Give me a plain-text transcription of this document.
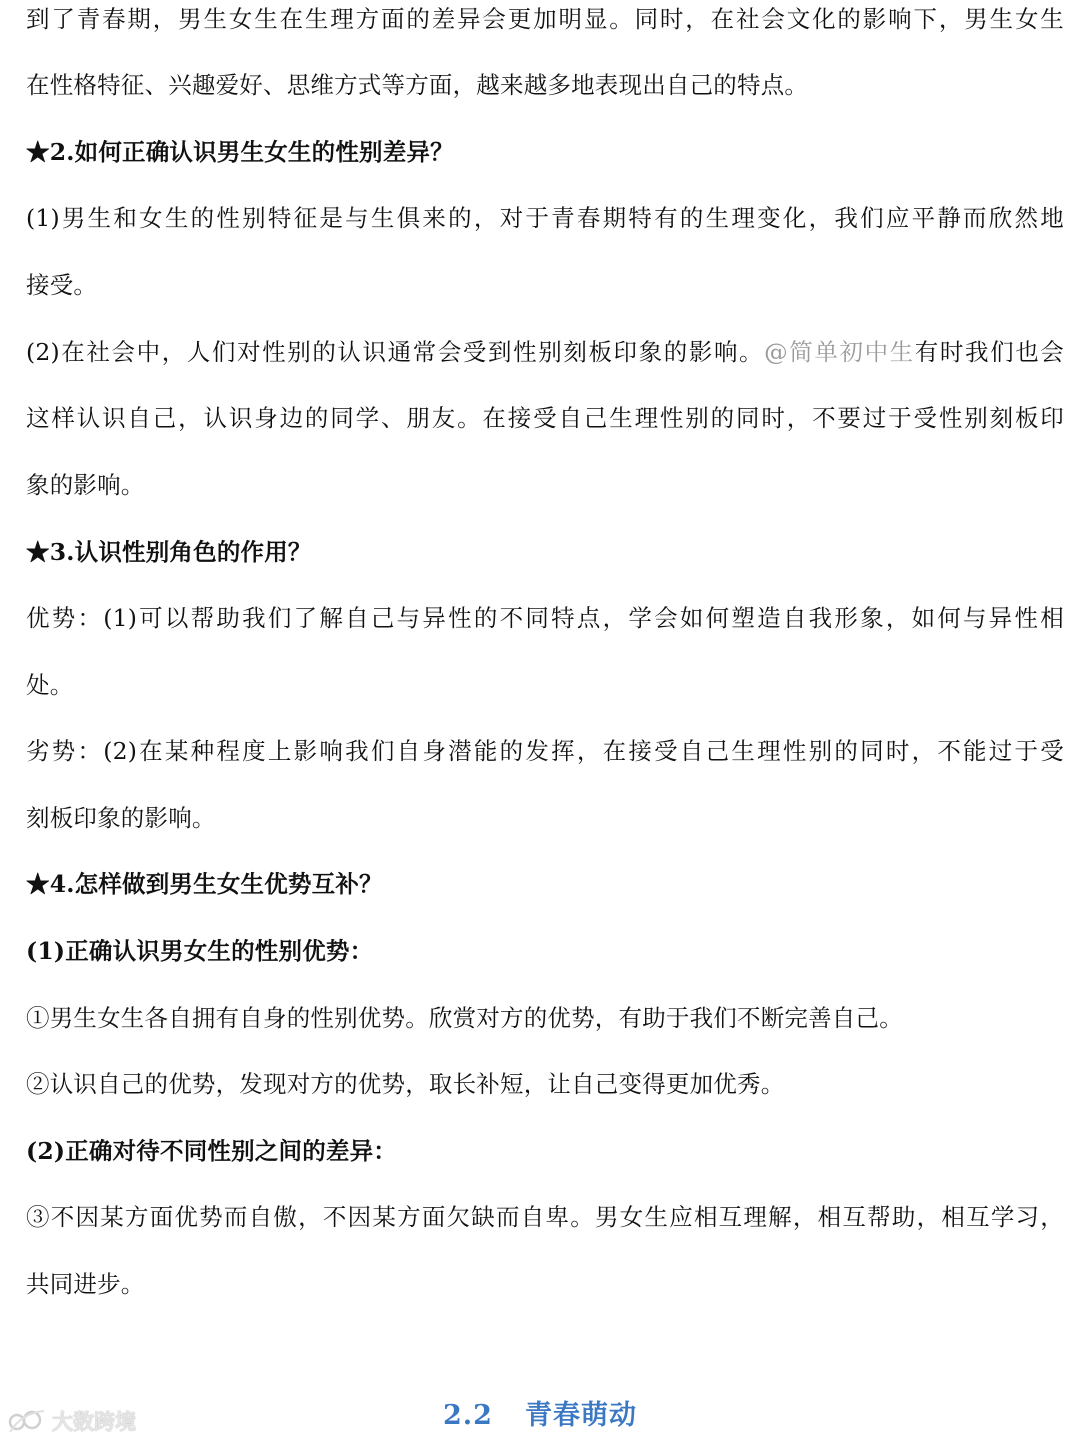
到了青春期，男生女生在生理方面的差异会更加明显。同时，在社会文化的影响下，男生女生
在性格特征、兴趣爱好、思维方式等方面，越来越多地表现出自己的特点。
★2.如何正确认识男生女生的性别差异？
(1)男生和女生的性别特征是与生俱来的，对于青春期特有的生理变化，我们应平静而欣然地
接受。
(2)在社会中，人们对性别的认识通常会受到性别刻板印象的影响。@简单初中生有时我们也会
这样认识自己，认识身边的同学、朋友。在接受自己生理性别的同时，不要过于受性别刻板印
象的影响。
★3.认识性别角色的作用？
优势：(1)可以帮助我们了解自己与异性的不同特点，学会如何塑造自我形象，如何与异性相
处。
劣势：(2)在某种程度上影响我们自身潜能的发挥，在接受自己生理性别的同时，不能过于受
刻板印象的影响。
★4.怎样做到男生女生优势互补？
(1)正确认识男女生的性别优势：
①男生女生各自拥有自身的性别优势。欣赏对方的优势，有助于我们不断完善自己。
②认识自己的优势，发现对方的优势，取长补短，让自己变得更加优秀。
(2)正确对待不同性别之间的差异：
③不因某方面优势而自傲，不因某方面欠缺而自卑。男女生应相互理解，相互帮助，相互学习，
共同进步。
2.2 青春萌动
大数跨境
